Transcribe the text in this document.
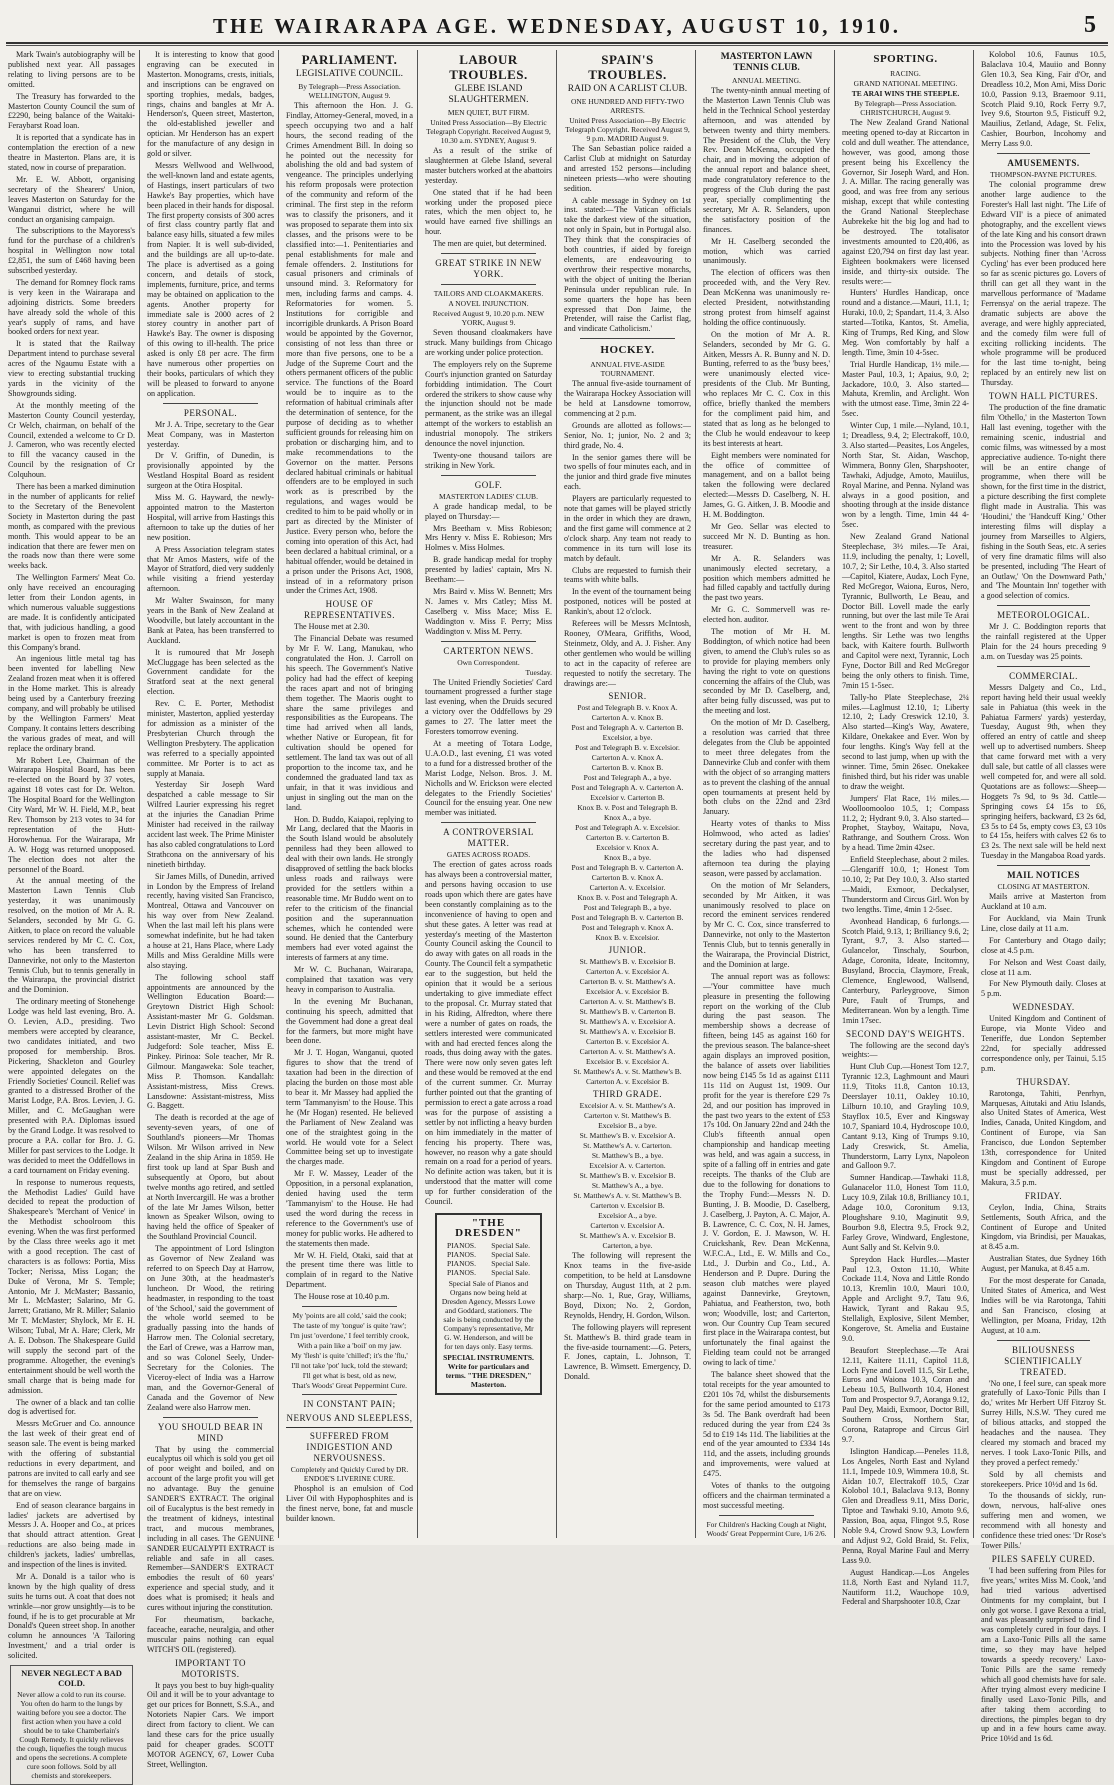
THE WAIRARAPA AGE. WEDNESDAY, AUGUST 10, 1910.	5
Mark Twain's autobiography will be published next year. All passages relating to living persons are to be omitted.
The Treasury has forwarded to the Masterton County Council the sum of £2290, being balance of the Waitaki-Feraybarst Road loan.
It is reported that a syndicate has in contemplation the erection of a new theatre in Masterton. Plans are, it is stated, now in course of preparation.
Mr. E. W. Abbott, organising secretary of the Shearers' Union, leaves Masterton on Saturday for the Wanganui district, where he will conduct an organising campaign.
The subscriptions to the Mayoress's fund for the purchase of a children's hospital in Wellington now total £2,851, the sum of £468 having been subscribed yesterday.
The demand for Romney flock rams is very keen in the Wairarapa and adjoining districts. Some breeders have already sold the whole of this year's supply of rams, and have booked orders for next year.
It is stated that the Railway Department intend to purchase several acres of the Ngaumu Estate with a view to erecting substantial trucking yards in the vicinity of the Showgrounds siding.
At the monthly meeting of the Masterton County Council yesterday, Cr Welch, chairman, on behalf of the Council, extended a welcome to Cr D. J. Cameron, who was recently elected to fill the vacancy caused in the Council by the resignation of Cr Colquhoun.
There has been a marked diminution in the number of applicants for relief to the Secretary of the Benevolent Society in Masterton during the past month, as compared with the previous month. This would appear to be an indication that there are fewer men on the roads now than there were some weeks back.
The Wellington Farmers' Meat Co. only have received an encouraging letter from their London agents, in which numerous valuable suggestions are made. It is confidently anticipated that, with judicious handling, a good market is open to frozen meat from this Company's brand.
An ingenious little metal tag has been invented for labelling New Zealand frozen meat when it is offered in the Home market. This is already being used by a Canterbury freezing company, and will probably be utilised by the Wellington Farmers' Meat Company. It contains letters describing the various grades of meat, and will replace the ordinary brand.
Mr Robert Lee, Chairman of the Wairarapa Hospital Board, has been re-elected on the Board by 37 votes, against 18 votes cast for Dr. Welton. The Hospital Board for the Wellington City Ward, Mr W. H. Field, M.P., beat Rev. Thomson by 213 votes to 34 for representation of the Hutt-Horowhenua. For the Wairarapa, Mr A. W. Hogg was returned unopposed. The election does not alter the personnel of the Board.
At the annual meeting of the Masterton Lawn Tennis Club yesterday, it was unanimously resolved, on the motion of Mr A. R. Selanders, seconded by Mr G. G. Aitken, to place on record the valuable services rendered by Mr C. C. Cox, who has been transferred to Dannevirke, not only to the Masterton Tennis Club, but to tennis generally in the Wairarapa, the provincial district and the Dominion.
The ordinary meeting of Stonehenge Lodge was held last evening, Bro. A. O. Levien, A.D., presiding. Two members were accepted by clearance, two candidates initiated, and two proposed for membership. Bros. Pickering, Shackleton and Gourley were appointed delegates on the Friendly Societies' Council. Relief was granted to a distressed Brother of the Marist Lodge, P.A. Bros. Levien, J. G. Miller, and C. McGaughan were presented with P.A. Diplomas issued by the Grand Lodge. It was resolved to procure a P.A. collar for Bro. J. G. Miller for past services to the Lodge. It was decided to meet the Oddfellows in a card tournament on Friday evening.
In response to numerous requests, the Methodist Ladies' Guild have decided to repeat the production of Shakespeare's 'Merchant of Venice' in the Methodist schoolroom this evening. When the was first performed by the Class three weeks ago it met with a good reception. The cast of characters is as follows: Portia, Miss Tocker; Nerissa, Miss Logan; the Duke of Verona, Mr S. Temple; Antonio, Mr J. McMaster; Bassanio, Mr L. McMaster; Salarino, Mr G. Jarrett; Gratiano, Mr R. Miller; Salanio Mr T. McMaster; Shylock, Mr E. H. Wilson; Tubal, Mr A. Hare; Clerk, Mr A. E. Dobson. The Shakespeare Guild will supply the second part of the programme. Altogether, the evening's entertainment should be well worth the small charge that is being made for admission.
The owner of a black and tan collie dog is advertised for.
Messrs McGruer and Co. announce the last week of their great end of season sale. The event is being marked with the offering of substantial reductions in every department, and patrons are invited to call early and see for themselves the range of bargains that are on view.
End of season clearance bargains in ladies' jackets are advertised by Messrs J. A. Hooper and Co., at prices that should attract attention. Great reductions are also being made in children's jackets, ladies' umbrellas, and inspection of the lines is invited.
Mr A. Donald is a tailor who is known by the high quality of dress suits he turns out. A coat that does not wrinkle—nor grow unsightly—is to be found, if he is to get procurable at Mr Donald's Queen street shop. In another column he announces 'A Tailoring Investment,' and a trial order is solicited.
NEVER NEGLECT A BAD COLD.
Never allow a cold to run its course. You often do harm to the lungs by waiting before you see a doctor. The first action when you have a cold should be to take Chamberlain's Cough Remedy. It quickly relieves the cough, liquefies the tough mucus and opens the secretions. A complete cure soon follows. Sold by all chemists and storekeepers.
It is interesting to know that good engraving can be executed in Masterton. Monograms, crests, initials, and inscriptions can be engraved on sporting trophies, medals, badges, rings, chains and bangles at Mr A. Henderson's, Queen street, Masterton, the old-established jeweller and optician. Mr Henderson has an expert for the manufacture of any design in gold or silver.
Messrs Wellwood and Wellwood, the well-known land and estate agents, of Hastings, insert particulars of two Hawke's Bay properties, which have been placed in their hands for disposal. The first property consists of 300 acres of first class country partly flat and balance easy hills, situated a few miles from Napier. It is well sub-divided, and the buildings are all up-to-date. The place is advertised as a going concern, and details of stock, implements, furniture, price, and terms may be obtained on application to the agents. Another property for immediate sale is 2000 acres of 2 storey country in another part of Hawke's Bay. The owner is disposing of this owing to ill-health. The price asked is only £8 per acre. The firm have numerous other properties on their books, particulars of which they will be pleased to forward to anyone on application.
PERSONAL.
Mr J. A. Tripe, secretary to the Gear Meat Company, was in Masterton yesterday.
Dr V. Griffin, of Dunedin, is provisionally appointed by the Westland Hospital Board as resident surgeon at the Otira Hospital.
Miss M. G. Hayward, the newly-appointed matron to the Masterton Hospital, will arrive from Hastings this afternoon to take up the duties of her new position.
A Press Association telegram states that Mr Amos Masters, wife of the Mayor of Stratford, died very suddenly while visiting a friend yesterday afternoon.
Mr Walter Swainson, for many years in the Bank of New Zealand at Woodville, but lately accountant in the Bank at Patea, has been transferred to Auckland.
It is rumoured that Mr Joseph McCluggage has been selected as the Government candidate for the Stratford seat at the next general election.
Rev. C. E. Porter, Methodist minister, Masterton, applied yesterday for admission as a minister of the Presbyterian Church through the Wellington Presbytery. The application was referred to a specially appointed committee. Mr Porter is to act as supply at Manaia.
Yesterday Sir Joseph Ward despatched a cable message to Sir Wilfred Laurier expressing his regret at the injuries the Canadian Prime Minister had received in the railway accident last week. The Prime Minister has also cabled congratulations to Lord Strathcona on the anniversary of his ninetieth birthday.
Sir James Mills, of Dunedin, arrived in London by the Empress of Ireland recently, having visited San Francisco, Montreal, Ottawa and Vancouver on his way over from New Zealand. When the last mail left his plans were somewhat indefinite, but he had taken a house at 21, Hans Place, where Lady Mills and Miss Geraldine Mills were also staying.
The following school staff appointments are announced by the Wellington Education Board:—Greytown District High School: Assistant-master Mr G. Goldsman. Levin District High School: Second assistant-master, Mr C. Beckel. Judgeford: Sole teacher, Miss E. Pinkey. Pirinoa: Sole teacher, Mr R. Gilmour. Mangaweka: Sole teacher, Miss P. Thomson. Kandallah: Assistant-mistress, Miss Crews. Lansdowne: Assistant-mistress, Miss G. Baggett.
The death is recorded at the age of seventy-seven years, of one of Southland's pioneers—Mr Thomas Wilson. Mr Wilson arrived in New Zealand in the ship Arina in 1859. He first took up land at Spar Bush and subsequently at Oporo, but about twelve months ago retired, and settled at North Invercargill. He was a brother of the late Mr James Wilson, better known as Speaker Wilson, owing to having held the office of Speaker of the Southland Provincial Council.
The appointment of Lord Islington as Governor of New Zealand was referred to on Speech Day at Harrow, on June 30th, at the headmaster's luncheon. Dr Wood, the retiring headmaster, in responding to the toast of 'the School,' said the government of the whole world seemed to be gradually passing into the hands of Harrow men. The Colonial secretary, the Earl of Crewe, was a Harrow man, and so was Colonel Seely, Under-Secretary for the Colonies. The Viceroy-elect of India was a Harrow man, and the Governor-General of Canada and the Governor of New Zealand were also Harrow men.
YOU SHOULD BEAR IN MIND
That by using the commercial eucalyptus oil which is sold you get oil of poor weight and boiled, and on account of the large profit you will get no advantage. Buy the genuine SANDER'S EXTRACT. The original oil of Eucalyptus is the best remedy in the treatment of kidneys, intestinal tract, and mucous membranes, including in all cases. The GENUINE SANDER EUCALYPTI EXTRACT is reliable and safe in all cases. Remember—SANDER'S EXTRACT embodies the result of 60 years' experience and special study, and it does what is promised; it heals and cures without injuring the constitution.
For rheumatism, backache, faceache, earache, neuralgia, and other muscular pains nothing can equal WITCH'S OIL (registered).
IMPORTANT TO MOTORISTS.
It pays you best to buy high-quality Oil and it will be to your advantage to get our prices for Bonnett, S.S.A., and Notoriets Napier Cars. We import direct from factory to client. We can land these cars for the price usually paid for cheaper grades. SCOTT MOTOR AGENCY, 67, Lower Cuba Street, Wellington.
PARLIAMENT.
LEGISLATIVE COUNCIL.
By Telegraph—Press Association. WELLINGTON, August 9.
This afternoon the Hon. J. G. Findlay, Attorney-General, moved, in a speech occupying two and a half hours, the second reading of the Crimes Amendment Bill. In doing so he pointed out the necessity for abolishing the old and bad system of vengeance. The principles underlying his reform proposals were protection of the community and reform of the criminal. The first step in the reform was to classify the prisoners, and it was proposed to separate them into six classes, and the prisons were to be classified into:—1. Penitentiaries and penal establishments for male and female offenders. 2. Institutions for casual prisoners and criminals of unsound mind. 3. Reformatory for men, including farms and camps. 4. Reformatories for women. 5. Institutions for corrigible and incorrigible drunkards. A Prison Board would be appointed by the Governor, consisting of not less than three or more than five persons, one to be a Judge of the Supreme Court and the others permanent officers of the public service. The functions of the Board would be to inquire as to the reformation of habitual criminals after the determination of sentence, for the purpose of deciding as to whether sufficient grounds for releasing him on probation or discharging him, and to make recommendations to the Governor on the matter. Persons declared habitual criminals or habitual offenders are to be employed in such work as is prescribed by the regulations, and wages would be credited to him to be paid wholly or in part as directed by the Minister of Justice. Every person who, before the coming into operation of this Act, had been declared a habitual criminal, or a habitual offender, would be detained in a prison under the Prisons Act, 1908, instead of in a reformatory prison under the Crimes Act, 1908.
HOUSE OF REPRESENTATIVES.
The House met at 2.30.
The Financial Debate was resumed by Mr F. W. Lang, Manukau, who congratulated the Hon. J. Carroll on his speech. The Government's Native policy had had the effect of keeping the races apart and not of bringing them together. The Maoris ought to share the same privileges and responsibilities as the Europeans. The time had arrived when all lands, whether Native or European, fit for cultivation should be opened for settlement. The land tax was out of all proportion to the income tax, and he condemned the graduated land tax as unfair, in that it was invidious and unjust in singling out the man on the land.
Hon. D. Buddo, Kaiapoi, replying to Mr Lang, declared that the Maoris in the South Island would be absolutely penniless had they been allowed to deal with their own lands. He strongly disapproved of settling the back blocks unless roads and railways were provided for the settlers within a reasonable time. Mr Buddo went on to refer to the criticism of the financial position and the superannuation schemes, which he contended were sound. He denied that the Canterbury members had ever voted against the interests of farmers at any time.
Mr W. C. Buchanan, Wairarapa, complained that taxation was very heavy in comparison to Australia.
In the evening Mr Buchanan, continuing his speech, admitted that the Government had done a great deal for the farmers, but more might have been done.
Mr J. T. Hogan, Wanganui, quoted figures to show that the trend of taxation had been in the direction of placing the burden on those most able to bear it. Mr Massey had applied the term 'Tammanyism' to the House. This he (Mr Hogan) resented. He believed the Parliament of New Zealand was one of the straightest going in the world. He would vote for a Select Committee being set up to investigate the charges made.
Mr F. W. Massey, Leader of the Opposition, in a personal explanation, denied having used the term 'Tammanyism' to the House. He had used the word during the recess in reference to the Government's use of money for public works. He adhered to the statements then made.
Mr W. H. Field, Otaki, said that at the present time there was little to complain of in regard to the Native Department.
The House rose at 10.40 p.m.
My 'points are all cold,' said the cook;
The taste of my 'tongue' is quite 'raw';
I'm just 'overdone,' I feel terribly crook,
With a pain like a 'boil' on my jaw.
My 'flesh' is quite 'chilled'; it's the 'flu,'
I'll not take 'pot' luck, told the steward;
I'll get what is best, old as new,
That's Woods' Great Peppermint Cure.
IN CONSTANT PAIN;
NERVOUS AND SLEEPLESS,
SUFFERED FROM INDIGESTION AND NERVOUSNESS.
Completely and Quickly Cured by DR. ENDOE'S LIVERINE CURE.
Phosphol is an emulsion of Cod Liver Oil with Hypophosphites and is the finest nerve, bone, fat and muscle builder known.
LABOUR TROUBLES.
GLEBE ISLAND SLAUGHTERMEN.
MEN QUIET, BUT FIRM.
United Press Association—By Electric Telegraph Copyright. Received August 9, 10.30 a.m. SYDNEY, August 9.
As a result of the strike of slaughtermen at Glebe Island, several master butchers worked at the abattoirs yesterday.
One stated that if he had been working under the proposed piece rates, which the men object to, he would have earned five shillings an hour.
The men are quiet, but determined.
GREAT STRIKE IN NEW YORK.
TAILORS AND CLOAKMAKERS.
A NOVEL INJUNCTION.
Received August 9, 10.20 p.m. NEW YORK, August 9.
Seven thousand cloakmakers have struck. Many buildings from Chicago are working under police protection.
The employers rely on the Supreme Court's injunction granted on Saturday forbidding intimidation. The Court ordered the strikers to show cause why the injunction should not be made permanent, as the strike was an illegal attempt of the workers to establish an industrial monopoly. The strikers denounce the novel injunction.
Twenty-one thousand tailors are striking in New York.
GOLF.
MASTERTON LADIES' CLUB.
A grade handicap medal, to be played on Thursday:—
Mrs Beetham v. Miss Robieson; Mrs Henry v. Miss E. Robieson; Mrs Holmes v. Miss Holmes.
B. grade handicap medal for trophy presented by ladies' captain, Mrs N. Beetham:—
Mrs Baird v. Miss W. Bennett; Mrs N. James v. Mrs Catley; Miss M. Caselberg v. Miss Mace; Miss E. Waddington v. Miss F. Perry; Miss Waddington v. Miss M. Perry.
CARTERTON NEWS.
Own Correspondent.
Tuesday.
The United Friendly Societies' Card tournament progressed a further stage last evening, when the Druids secured a victory over the Oddfellows by 29 games to 27. The latter meet the Foresters tomorrow evening.
At a meeting of Totara Lodge, U.A.O.D., last evening, £1 was voted to a fund for a distressed brother of the Marist Lodge, Nelson. Bros. J. M. Nicholls and W. Erickson were elected delegates to the Friendly Societies' Council for the ensuing year. One new member was initiated.
A CONTROVERSIAL MATTER.
GATES ACROSS ROADS.
The erection of gates across roads has always been a controversial matter, and persons having occasion to use roads upon which there are gates have been constantly complaining as to the inconvenience of having to open and shut these gates. A letter was read at yesterday's meeting of the Masterton County Council asking the Council to do away with gates on all roads in the County. The Council felt a sympathetic ear to the suggestion, but held the opinion that it would be a serious undertaking to give immediate effect to the proposal. Cr. Murray stated that in his Riding, Alfredton, where there were a number of gates on roads, the settlers interested were communicated with and had erected fences along the roads, thus doing away with the gates. There were now only seven gates left and these would be removed at the end of the current summer. Cr. Murray further pointed out that the granting of permission to erect a gate across a road was for the purpose of assisting a settler by not inflicting a heavy burden on him immediately in the matter of fencing his property. There was, however, no reason why a gate should remain on a road for a period of years. No definite action was taken, but it is understood that the matter will come up for further consideration of the Council.
"THE DRESDEN"
PIANOS.
PIANOS.
PIANOS.
PIANOS.
Special Sale.
Special Sale.
Special Sale.
Special Sale.
Special Sale of Pianos and Organs now being held at Dresden Agency, Messrs Lowe and Goddard, stationers. The sale is being conducted by the Company's representative, Mr G. W. Henderson, and will be for ten days only. Easy terms.
SPECIAL INSTRUMENTS. Write for particulars and terms. "THE DRESDEN," Masterton.
SPAIN'S TROUBLES.
RAID ON A CARLIST CLUB.
ONE HUNDRED AND FIFTY-TWO ARRESTS.
United Press Association—By Electric Telegraph Copyright. Received August 9, 9 p.m. MADRID August 9.
The San Sebastian police raided a Carlist Club at midnight on Saturday and arrested 152 persons—including nineteen priests—who were shouting sedition.
A cable message in Sydney on 1st inst. stated:—'The Vatican officials take the darkest view of the situation, not only in Spain, but in Portugal also. They think that the conspiracies of both countries, if aided by foreign elements, are endeavouring to overthrow their respective monarchs, with the object of uniting the Iberian Peninsula under republican rule. In some quarters the hope has been expressed that Don Jaime, the Pretender, will raise the Carlist flag, and vindicate Catholicism.'
HOCKEY.
ANNUAL FIVE-ASIDE TOURNAMENT.
The annual five-aside tournament of the Wairarapa Hockey Association will be held at Lansdowne tomorrow, commencing at 2 p.m.
Grounds are allotted as follows:—Senior, No. 1; junior, No. 2 and 3; third grade, No. 4.
In the senior games there will be two spells of four minutes each, and in the junior and third grade five minutes each.
Players are particularly requested to note that games will be played strictly in the order in which they are drawn, and the first game will commence at 2 o'clock sharp. Any team not ready to commence in its turn will lose its match by default.
Clubs are requested to furnish their teams with white balls.
In the event of the tournament being postponed, notices will be posted at Rankin's, about 12 o'clock.
Referees will be Messrs McIntosh, Rooney, O'Meara, Griffiths, Wood, Steinmetz, Oldy, and A. J. Fisher. Any other gentlemen who would be willing to act in the capacity of referee are requested to notify the secretary. The drawings are:—
SENIOR.
Post and Telegraph B. v. Knox A.
Carterton A. v. Knox B.
Post and Telegraph A. v. Carterton B.
Excelsior, a bye.
Post and Telegraph B. v. Excelsior.
Carterton A. v. Knox A.
Carterton B. v. Knox B.
Post and Telegraph A., a bye.
Post and Telegraph A. v. Carterton A.
Excelsior v. Carterton B.
Knox B. v. Post and Telegraph B.
Knox A., a bye.
Post and Telegraph A. v. Excelsior.
Carterton B. v. Carterton B.
Excelsior v. Knox A.
Knox B., a bye.
Post and Telegraph B. v. Carterton A.
Carterton B. v. Knox A.
Carterton A. v. Excelsior.
Knox B. v. Post and Telegraph A.
Post and Telegraph B., a bye.
Post and Telegraph B. v. Carterton B.
Post and Telegraph v. Knox A.
Knox B. v. Excelsior.
JUNIOR.
St. Matthew's B. v. Excelsior B.
Carterton A. v. Excelsior A.
Carterton B. v. St. Matthew's A.
Excelsior A. v. Excelsior B.
Carterton A. v. St. Matthew's B.
St. Matthew's B. v. Carterton B.
St. Matthew's A. v. Excelsior A.
St. Matthew's A. v. Excelsior B.
Carterton B. v. Excelsior A.
Carterton A. v. St. Matthew's A.
Excelsior B. v. Excelsior A.
St. Matthew's A. v. St. Matthew's B.
Carterton A. v. Excelsior B.
THIRD GRADE.
Excelsior A. v. St. Matthew's A.
Carterton v. St. Matthew's B.
Excelsior B., a bye.
St. Matthew's B. v. Excelsior A.
St. Matthew's A. v. Carterton.
St. Matthew's B., a bye.
Excelsior A. v. Carterton.
St. Matthew's B. v. Excelsior B.
St. Matthew's A., a bye.
St. Matthew's A. v. St. Matthew's B.
Carterton v. Excelsior B.
Excelsior A., a bye.
Carterton v. Excelsior A.
St. Matthew's A. v. Excelsior B.
Carterton, a bye.
The following will represent the Knox teams in the five-aside competition, to be held at Lansdowne on Thursday, August 11th, at 2 p.m. sharp:—No. 1, Rue, Gray, Williams, Boyd, Dixon; No. 2, Gordon, Reynolds, Hendry, H. Gordon, Wilson.
The following players will represent St. Matthew's B. third grade team in the five-aside tournament:—G. Peters, F. Jones, captain, L. Johnson, T. Lawrence, B. Wimsett. Emergency, D. Donald.
MASTERTON LAWN TENNIS CLUB.
ANNUAL MEETING.
The twenty-ninth annual meeting of the Masterton Lawn Tennis Club was held in the Technical School yesterday afternoon, and was attended by between twenty and thirty members. The President of the Club, the Very Rev. Dean McKenna, occupied the chair, and in moving the adoption of the annual report and balance sheet, made congratulatory reference to the progress of the Club during the past year, specially complimenting the secretary, Mr A. R. Selanders, upon the satisfactory position of the finances.
Mr H. Caselberg seconded the motion, which was carried unanimously.
The election of officers was then proceeded with, and the Very Rev. Dean McKenna was unanimously re-elected President, notwithstanding strong protest from himself against holding the office continuously.
On the motion of Mr A. R. Selanders, seconded by Mr G. G. Aitken, Messrs A. R. Bunny and N. D. Bunting, referred to as the 'busy bees,' were unanimously elected vice-presidents of the Club. Mr Bunting, who replaces Mr C. C. Cox in this office, briefly thanked the members for the compliment paid him, and stated that as long as he belonged to the Club he would endeavour to keep its best interests at heart.
Eight members were nominated for the office of committee of management, and on a ballot being taken the following were declared elected:—Messrs D. Caselberg, N. H. James, G. G. Aitken, J. B. Moodie and H. M. Boddington.
Mr Geo. Sellar was elected to succeed Mr N. D. Bunting as hon. treasurer.
Mr A. R. Selanders was unanimously elected secretary, a position which members admitted he had filled capably and tactfully during the past two years.
Mr G. C. Sommervell was re-elected hon. auditor.
The motion of Mr H. M. Boddington, of which notice had been given, to amend the Club's rules so as to provide for playing members only having the right to vote on questions concerning the affairs of the Club, was seconded by Mr D. Caselberg, and, after being fully discussed, was put to the meeting and lost.
On the motion of Mr D. Caselberg, a resolution was carried that three delegates from the Club be appointed to meet three delegates from the Dannevirke Club and confer with them with the object of so arranging matters as to prevent the clashing of the annual open tournaments at present held by both clubs on the 22nd and 23rd January.
Hearty votes of thanks to Miss Holmwood, who acted as ladies' secretary during the past year, and to the ladies who had dispensed afternoon tea during the playing season, were passed by acclamation.
On the motion of Mr Selanders, seconded by Mr Aitken, it was unanimously resolved to place on record the eminent services rendered by Mr C. C. Cox, since transferred to Dannevirke, not only to the Masterton Tennis Club, but to tennis generally in the Wairarapa, the Provincial District, and the Dominion at large.
The annual report was as follows:—'Your committee have much pleasure in presenting the following report on the working of the Club during the past season. The membership shows a decrease of fifteen, being 145 as against 160 for the previous season. The balance-sheet again displays an improved position, the balance of assets over liabilities now being £145 5s 1d as against £111 11s 11d on August 1st, 1909. Our profit for the year is therefore £29 7s 2d, and our position has improved in the past two years to the extent of £53 17s 10d. On January 22nd and 24th the Club's fifteenth annual open championship and handicap meeting was held, and was again a success, in spite of a falling off in entries and gate receipts. The thanks of the Club are due to the following for donations to the Trophy Fund:—Messrs N. D. Bunting, J. B. Moodie, D. Caselberg, J. Caselberg, J. Payton, A. C. Major, A. B. Lawrence, C. C. Cox, N. H. James, J. V. Gordon, E. J. Mawson, W. H. Cruickshank, Rev. Dean McKenna, W.F.C.A., Ltd., E. W. Mills and Co., Ltd., J. Durbin and Co., Ltd., A. Henderson and P. Dupre. During the season club matches were played against Dannevirke, Greytown, Pahiatua, and Featherston, two, both won; Woodville, lost; and Carterton, won. Our Country Cup Team secured first place in the Wairarapa contest, but unfortunately the final against the Fielding team could not be arranged owing to lack of time.'
The balance sheet showed that the total receipts for the year amounted to £201 10s 7d, whilst the disbursements for the same period amounted to £173 3s 5d. The Bank overdraft had been reduced during the year from £24 3s 5d to £19 14s 11d. The liabilities at the end of the year amounted to £334 14s 11d, and the assets, including grounds and improvements, were valued at £475.
Votes of thanks to the outgoing officers and the chairman terminated a most successful meeting.
For Children's Hacking Cough at Night, Woods' Great Peppermint Cure, 1/6 2/6.
SPORTING.
RACING.
GRAND NATIONAL MEETING.
TE ARAI WINS THE STEEPLE.
By Telegraph—Press Association. CHRISTCHURCH, August 9.
The New Zealand Grand National meeting opened to-day at Riccarton in cold and dull weather. The attendance, however, was good, among those present being his Excellency the Governor, Sir Joseph Ward, and Hon. J. A. Millar. The racing generally was good, and was free from any serious mishap, except that while contesting the Grand National Steeplechase Aubrekeke hit the big log and had to be destroyed. The totalisator investments amounted to £20,406, as against £20,794 on first day last year. Eighteen bookmakers were licensed inside, and thirty-six outside. The results were:—
Hunters' Hurdles Handicap, once round and a distance.—Mauri, 11.1, 1; Huraki, 10.0, 2; Spandart, 11.4, 3. Also started—Totika, Kantos, St. Amelia, King of Trumps, Red King, and Slow Meg. Won comfortably by half a length. Time, 3min 10 4-5sec.
Trial Hurdle Handicap, 1½ mile.—Master Paul, 10.3, 1; Apaius, 9.0, 2; Jackadore, 10.0, 3. Also started—Mahuta, Kremlin, and Arclight. Won with the utmost ease. Time, 3min 22 4-5sec.
Winter Cup, 1 mile.—Nyland, 10.1, 1; Dreadless, 9.4, 2; Electrakoff, 10.0, 3. Also started—Peasites, Los Angeles, North Star, St. Aidan, Waschop, Wimmera, Bonny Glen, Sharpshooter, Tawhaki, Adjudge, Amoto, Mauiilus, Royal Marine, and Penna. Nyland was always in a good position, and shooting through at the inside distance won by a length. Time, 1min 44 4-5sec.
New Zealand Grand National Steeplechase, 3½ miles.—Te Arai, 11.9, including the penalty, 1; Lovell, 10.7, 2; Sir Lethe, 10.4, 3. Also started—Capitol, Kiatere, Audax, Loch Fyne, Red McGregor, Waiona, Euros, Nero, Tyrannic, Bullworth, Le Beau, and Doctor Bill. Lovell made the early running, but over the last mile Te Arai went to the front and won by three lengths. Sir Lethe was two lengths back, with Kaitere fourth. Bullworth and Capitol were next, Tyrannic, Loch Fyne, Doctor Bill and Red McGregor being the only others to finish. Time, 7min 15 1-5sec.
Tally-ho Plate Steeplechase, 2¼ miles.—Laglmust 12.10, 1; Liberty 12.10, 2; Lady Creswick 12.10, 3. Also started—King's Way, Awatere, Kildare, Onekakee and Ever. Won by four lengths. King's Way fell at the second to last jump, when up with the winner. Time, 5min 26sec. Onekakee finished third, but his rider was unable to draw the weight.
Jumpers' Flat Race, 1½ miles.—Woolloomooloo 10.5, 1; Compass 11.2, 2; Hydrant 9.0, 3. Also started—Prophet, Stayboy, Waitapu, Nova, Rathrange, and Southern Cross. Won by a head. Time 2min 42sec.
Enfield Steeplechase, about 2 miles.—Glengariff 10.0, 1; Honest Tom 10.10, 2; Pat Dey 10.0, 3. Also started—Maidi, Exmoor, Deckalyser, Thunderstorm and Circus Girl. Won by two lengths. Time, 4min 1 2-5sec.
Avonhead Handicap, 6 furlongs.—Scotch Plaid, 9.13, 1; Brilliancy 9.6, 2; Tyrant, 9.7, 3. Also started—Gulancelor, Tinschaly, Sourbon, Adage, Coronita, Ideate, Incitomny, Busyland, Broccia, Claymore, Freak, Clemence, Englewood, Wallsend, Canterbury, Parleygroove, Simon Pure, Fault of Trumps, and Mediterranean. Won by a length. Time 1min 17sec.
SECOND DAY'S WEIGHTS.
The following are the second day's weights:—
Hunt Club Cup.—Honest Tom 12.7, Tyrannic 12.3, Laghmount and Mauri 11.9, Titoks 11.8, Canton 10.13, Deerslayer 10.11, Oakley 10.10, Lilburn 10.10, and Grayling 10.9, Stayflox 10.5, Ever and Kingsway 10.7, Spaniard 10.4, Hydroscope 10.0, Cantant 9.13, King of Trumps 9.10, Lady Creswick, St. Amelia, Thunderstorm, Larry Lynx, Napoleon and Galloon 9.7.
Sumner Handicap.—Tawhaki 11.8, Gulanacelor 11.0, Honest Tom 11.0, Lucy 10.9, Zilak 10.8, Brilliancy 10.1, Adage 10.0, Coronitum 9.13, Ploughshare 9.10, Maginutit 9.9, Bourbon 9.8, Electra 9.5, Frock 9.2, Farley Grove, Windward, Englestone, Aunt Sally and St. Kelvin 9.0.
Spreydon Hack Hurdles.—Master Paul 12.3, Oxton 11.10, White Cockade 11.4, Nova and Little Rondo 10.13, Kremlin 10.0, Mauri 10.0, Apple and Arclight 9.7, Tatu 9.6, Hawick, Tyrant and Rakau 9.5, Stellaligh, Explosive, Silent Member, Kongerove, St. Amelia and Eustaine 9.0.
Beaufort Steeplechase.—Te Arai 12.11, Kaitere 11.11, Capitol 11.8, Loch Fyne and Lovell 11.5, Sir Lethe, Euros and Waiona 10.3, Coran and Lebeau 10.5, Bullworth 10.4, Honest Tom and Prospector 9.7, Aoranga 9.12, Paul Dey, Maidi, Exmoor, Doctor Bill, Southern Cross, Northern Star, Corona, Rataprope and Circus Girl 9.7.
Islington Handicap.—Peneles 11.8, Los Angeles, North East and Nyland 11.1, Impede 10.9, Wimmera 10.8, St. Aidan 10.7, Electrakoff 10.5, Czar Kolobol 10.1, Balaclava 9.13, Bonny Glen and Dreadless 9.11, Miss Doric, Tiptoe and Tawhaki 9.10, Amoto 9.6, Passion, Boa, aqua, Flingot 9.5, Rose Noble 9.4, Crowd Snow 9.3, Lowfern and Adjust 9.2, Gold Braid, St. Felix, Penna, Royal Marine Faul and Merry Lass 9.0.
August Handicap.—Los Angeles 11.8, North East and Nyland 11.7, Nautiform 11.2, Wauchope 10.9, Federal and Sharpshooter 10.8, Czar
Kolobol 10.6, Faunus 10.5, Balaclava 10.4, Mauiio and Bonny Glen 10.3, Sea King, Fair d'Or, and Dreadless 10.2, Mon Ami, Miss Doric 10.0, Passion 9.13, Braemoor 9.11, Scotch Plaid 9.10, Rock Ferry 9.7, Ivey 9.6, Stourton 9.5, Fisticuff 9.2, Mauilius, Zetland, Adage, St. Felix, Cashier, Bourbon, Incohomy and Merry Lass 9.0.
AMUSEMENTS.
THOMPSON-PAYNE PICTURES.
The colonial programme drew another large audience to the Forester's Hall last night. 'The Life of Edward VII' is a piece of animated photography, and the excellent views of the late King and his consort drawn into the Procession was loved by his subjects. Nothing finer than 'Across Cycling' has ever been produced here so far as scenic pictures go. Lovers of thrill can get all they want in the marvellous performance of 'Madame Ferrensya' on the aerial trapeze. The dramatic subjects are above the average, and were highly appreciated, and the comedy film were full of exciting rollicking incidents. The whole programme will be produced for the last time to-night, being replaced by an entirely new list on Thursday.
TOWN HALL PICTURES.
The production of the fine dramatic film 'Othello,' in the Masterton Town Hall last evening, together with the remaining scenic, industrial and comic films, was witnessed by a most appreciative audience. To-night there will be an entire change of programme, when there will be shown, for the first time in the district, a picture describing the first complete flight made in Australia. This was 'Houdini,' the 'Handcuff King.' Other interesting films will display a journey from Marseilles to Algiers, fishing in the South Seas, etc. A series of very fine dramatic films will also be presented, including 'The Heart of an Outlaw,' 'On the Downward Path,' and 'The Mountain Inn' together with a good selection of comics.
METEOROLOGICAL.
Mr J. C. Boddington reports that the rainfall registered at the Upper Plain for the 24 hours preceding 9 a.m. on Tuesday was 25 points.
COMMERCIAL.
Messrs Dalgety and Co., Ltd., report having held their usual weekly sale in Pahiatua (this week in the Pahiatua Farmers' yards) yesterday, Tuesday, August 9th, when they offered an entry of cattle and sheep well up to advertised numbers. Sheep that came forward met with a very dull sale, but cattle of all classes were well competed for, and were all sold. Quotations are as follows:—Sheep—Hoggets 7s 9d, to 9s 3d. Cattle—Springing cows £4 15s to £6, springing heifers, backward, £3 2s 6d, £3 5s to £4 5s, empty cows £3, £3 10s to £4 15s, heifers with calves £2 6s to £3 2s. The next sale will be held next Tuesday in the Mangaboa Road yards.
MAIL NOTICES
CLOSING AT MASTERTON.
Mails arrive at Masterton from Auckland at 10 a.m.
For Auckland, via Main Trunk Line, close daily at 11 a.m.
For Canterbury and Otago daily; close at 4.5 p.m.
For Nelson and West Coast daily, close at 11 a.m.
For New Plymouth daily. Closes at 5 p.m.
WEDNESDAY.
United Kingdom and Continent of Europe, via Monte Video and Teneriffe, due London September 22nd, for specially addressed correspondence only, per Tainui, 5.15 p.m.
THURSDAY.
Rarotonga, Tahiti, Penrhyn, Marquesas, Aitutaki and Atiu Islands, also United States of America, West Indies, Canada, United Kingdom, and Continent of Europe, via San Francisco, due London September 13th, correspondence for United Kingdom and Continent of Europe must be specially addressed, per Makura, 3.5 p.m.
FRIDAY.
Ceylon, India, China, Straits Settlements, South Africa, and the Continent of Europe and United Kingdom, via Brindisi, per Mauakas, at 8.45 a.m.
Australian States, due Sydney 16th August, per Manuka, at 8.45 a.m.
For the most desperate for Canada, United States of America, and West Indies will be via Rarotonga, Tahiti and San Francisco, closing at Wellington, per Moana, Friday, 12th August, at 10 a.m.
BILIOUSNESS SCIENTIFICALLY TREATED.
'No one, I feel sure, can speak more gratefully of Laxo-Tonic Pills than I do,' writes Mr Herbert Uff Fitzroy St. Surrey Hills, N.S.W. 'They cured me of bilious attacks, and stopped the headaches and the nausea. They cleared my stomach and braced my nerves. I took Laxo-Tonic Pills, and they proved a perfect remedy.'
Sold by all chemists and storekeepers. Price 10½d and 1s 6d.
To the thousands of sickly, run-down, nervous, half-alive ones suffering men and women, we recommend with all honesty and confidence these tried ones: 'Dr Rose's Tower Pills.'
PILES SAFELY CURED.
'I had been suffering from Piles for five years,' writes Miss M. Cook, 'and had tried various advertised Ointments for my complaint, but I only got worse. I gave Rexona a trial, and was pleasantly surprised to find I was completely cured in four days. I am a Laxo-Tonic Pills all the same time, so they may have helped towards a speedy recovery.' Laxo-Tonic Pills are the same remedy which all good chemists have for sale. After trying almost every medicine I finally used Laxo-Tonic Pills, and after taking them according to directions, the pimples began to dry up and in a few hours came away. Price 10½d and 1s 6d.
